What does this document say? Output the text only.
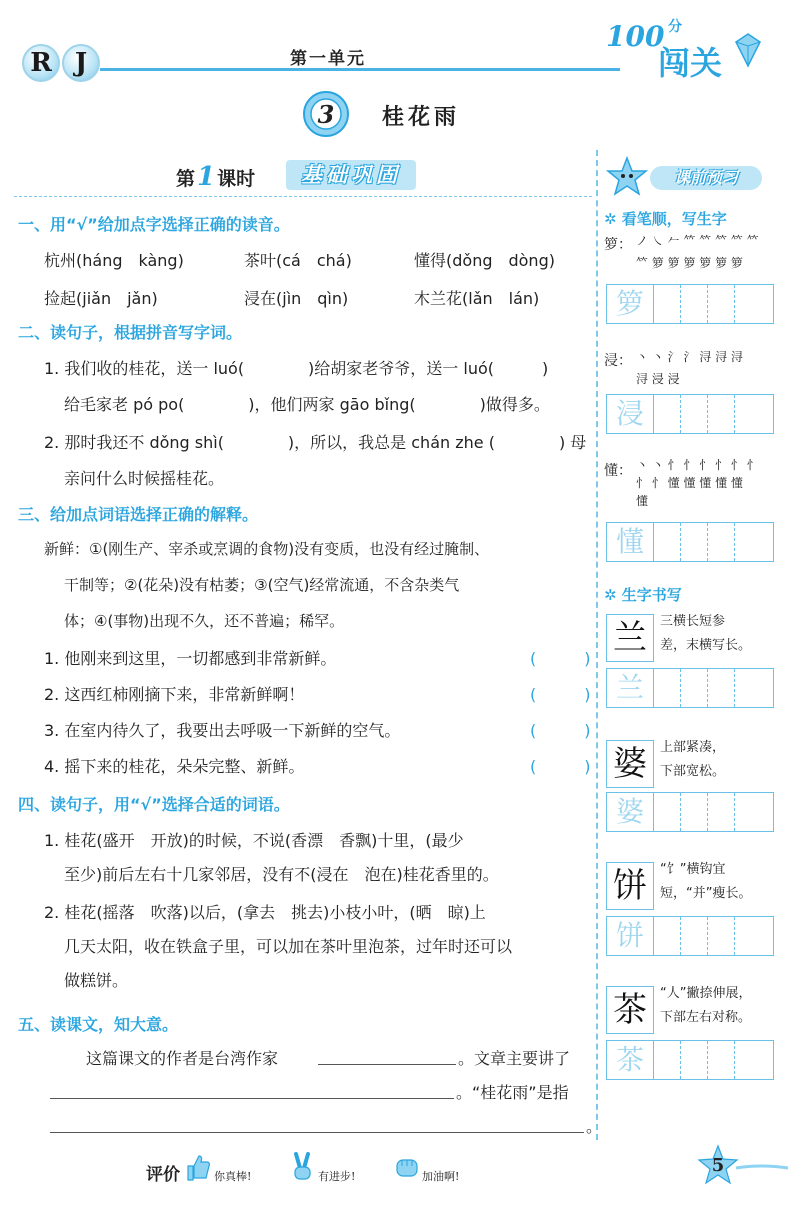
R J	第一单元
100 分
闯关
3	桂花雨
第1 课时	基础巩固
一、用“√”给加点字选择正确的读音。
杭州(háng　kàng)	茶叶(cá　chá)	懂得(dǒng　dòng)
捡起(jiǎn　jǎn)	浸在(jìn　qìn)	木兰花(lǎn　lán)
二、读句子，根据拼音写字词。
1. 我们收的桂花，送一 luó(　　　　)给胡家老爷爷，送一 luó(　　　)
给毛家老 pó po(　　　　)，他们两家 gāo bǐng(　　　　)做得多。
2. 那时我还不 dǒng shì(　　　　)，所以，我总是 chán zhe (　　　　) 母
亲问什么时候摇桂花。
三、给加点词语选择正确的解释。
新鲜：①(刚生产、宰杀或烹调的食物)没有变质，也没有经过腌制、
干制等；②(花朵)没有枯萎；③(空气)经常流通，不含杂类气
体；④(事物)出现不久，还不普遍；稀罕。
1. 他刚来到这里，一切都感到非常新鲜。	(　　　)
2. 这西红柿刚摘下来，非常新鲜啊！	(　　　)
3. 在室内待久了，我要出去呼吸一下新鲜的空气。	(　　　)
4. 摇下来的桂花，朵朵完整、新鲜。	(　　　)
四、读句子，用“√”选择合适的词语。
1. 桂花(盛开　开放)的时候，不说(香漂　香飘)十里，(最少
至少)前后左右十几家邻居，没有不(浸在　泡在)桂花香里的。
2. 桂花(摇落　吹落)以后，(拿去　挑去)小枝小叶，(晒　晾)上
几天太阳，收在铁盒子里，可以加在茶叶里泡茶，过年时还可以
做糕饼。
五、读课文，知大意。
这篇课文的作者是台湾作家	。文章主要讲了
。“桂花雨”是指
。
课前预习
✲ 看笔顺，写生字
箩： ノ ㇏ 𠂉 𥫗 𥫗 𥫗 𥫗 𥫗
𥫗 箩 箩 箩 箩 箩 箩
箩
浸： 丶 丶 氵 氵 浔 浔 浔
浔 浸 浸
浸
懂： 丶 丶 忄 忄 忄 忄 忄 忄
忄 忄 懂 懂 懂 懂 懂
懂
懂
✲ 生字书写
兰	三横长短参
差，末横写长。
兰
婆	上部紧凑，
下部宽松。
婆
饼	“饣”横钩宜
短，“并”瘦长。
饼
茶	“人”撇捺伸展，
下部左右对称。
茶
评价	你真棒!	有进步!	加油啊!
5
